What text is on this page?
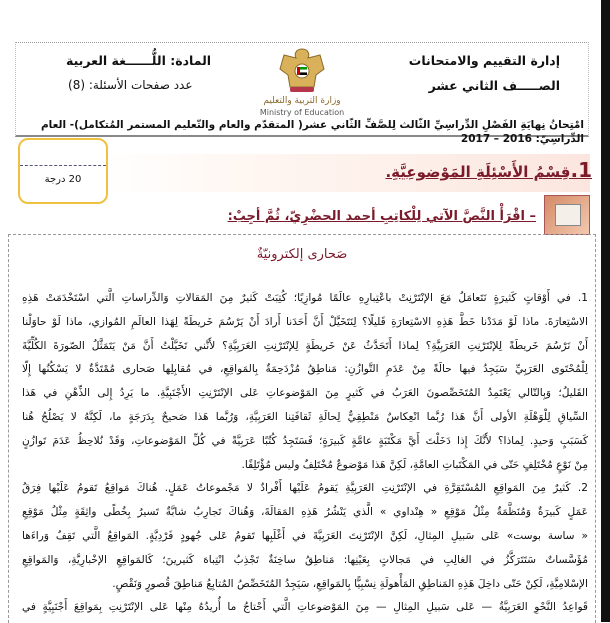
إدارة التقييم والامتحانات
الصـــــف الثاني عشر
المادة: اللُّــــــغة العربية
عدد صفحات الأسئلة: (8)
وزارة التربية والتعليم
Ministry of Education
امْتِحانُ نِهايَةِ الفَصْلِ الدِّراسِيِّ الثّالث لِلصَّفِّ الثّاني عشر( المتقدّم والعام والتّعليم المستمر المُتكامل)- العام الدِّراسِيّ: 2016 – 2017
20 درجة	1.قِسْمُ الأَسْئِلَةِ المَوْضوعِيَّةِ.
– اقْرَأْ النَّصَّ الآتي لِلْكاتِبِ أحمد الحضْرِيّ، ثُمَّ أجِبْ:
صَحارى إلكترونيّةٌ
1. في أَوْقاتٍ كَثيرَةٍ نَتَعامَلُ مَعَ الإنْتَرْنِتْ باعْتِبارِهِ عالَمًا مُوازِيًا؛ كُتِبَتْ كَثيرٌ مِنَ المَقالاتِ وَالدِّراساتِ الَّتي اسْتَخْدَمَتْ هَذِهِ
الاسْتِعارَةَ. ماذا لَوْ مَدَدْنا خَطَّ هَذِهِ الاسْتِعارَةِ قَليلًا؟ لِنَتَخَيَّلْ أَنَّ أَحَدَنا أَرادَ أَنْ يَرْسُمَ خَريطَةً لِهَذا العالَمِ المُوازي، ماذا لَوْ حاوَلْنا
أَنْ نَرْسُمَ خَريطَةً لِلإنْتَرْنِتِ العَرَبِيَّةِ؟ لِماذا أَتَحَدَّثُ عَنْ خَريطَةٍ لِلإنْتَرْنِتِ العَرَبِيَّةِ؟ لأَنَّني تَخَيَّلْتُ أَنَّ مَنْ يَتَمَثَّلُ الصّورَةَ الكُلِّيَّةَ
لِلْمُحْتَوى العَرَبِيِّ سَيَجِدُ فيها حالَةً مِنْ عَدَمِ التَّوازُنِ: مَناطِقُ مُزْدَحِمَةٌ بِالمَواقِعِ، في مُقابِلِها صَحارى مُمْتَدَّةٌ لا يَسْكُنُها إِلّا
القَليلُ؛ وَبِالتّالي يَعْتَمِدُ المُتَخَصِّصونَ العَرَبُ في كَثيرٍ مِنَ المَوْضوعاتِ عَلى الإنْتَرْنِتِ الأَجْنَبِيَّةِ. ما يَرِدُ إِلى الذِّهْنِ في هَذا
السِّياقِ لِلْوَهْلَةِ الأولى أَنَّ هَذا رُبَّما انْعِكاسٌ مَنْطِقِيٌّ لِحالَةِ ثَقافَتِنا العَرَبِيَّةِ، وَرُبَّما هَذا صَحيحٌ بِدَرَجَةٍ ما، لَكِنَّهُ لا يَصْلُحُ هُنا
كَسَبَبٍ وَحيدٍ. لِماذا؟ لأَنَّكَ إِذا دَخَلْتَ أَيَّ مَكْتَبَةٍ عامَّةٍ كَبيرَةٍ؛ فَسَتَجِدُ كُتُبًا عَرَبِيَّةً في كُلِّ المَوْضوعاتِ، وَقَدْ نُلاحِظُ عَدَمَ تَوازُنٍ
مِنْ نَوْعٍ مُخْتَلِفٍ حَتّى في المَكْتَباتِ العامَّةِ، لَكِنَّ هَذا مَوْضوعٌ مُخْتَلِفٌ وليس مُؤْتَلِفًا.
2. كَثيرٌ مِنَ المَواقِعِ المُسْتَقِرَّةِ في الإنْتَرْنِتِ العَرَبِيَّةِ يَقومُ عَلَيْها أَفْرادٌ لا مَجْموعاتُ عَمَلٍ. هُناكَ مَواقِعُ تَقومُ عَلَيْها فِرَقُ
عَمَلٍ كَبيرَةٌ وَمُنَظَّمَةٌ مِثْلُ مَوْقِعِ « هِنْداوي » الَّذي يَنْشُرُ هَذِهِ المَقالَةَ، وَهُناكَ تَجارِبُ شابَّةٌ تَسيرُ بِخُطًى واثِقَةٍ مِثْلُ مَوْقِعِ
« ساسة بوست» عَلى سَبيلِ المِثالِ، لَكِنَّ الإنْتَرْنِتَ العَرَبِيَّةَ في أَغْلَبِها تَقومُ عَلى جُهودٍ فَرْدِيَّةٍ. المَواقِعُ الَّتي تَقِفُ وَراءَها
مُؤَسَّساتٌ سَتَتَرَكَّزُ في الغالِبِ في مَجالاتٍ بِعَيْنِها: مَناطِقُ ساخِنَةٌ تَجْذِبُ انْتِباهَ كَثيرينَ؛ كَالمَواقِعِ الإخْبارِيَّةِ، وَالمَواقِعِ
الإسْلامِيَّةِ، لَكِنْ حَتّى داخِلَ هَذِهِ المَناطِقِ المَأْهولَةِ نِسْبِيًّا بِالمَواقِعِ، سَيَجِدُ المُتَخَصِّصُ المُتابِعُ مَناطِقَ قُصورٍ وَنَقْصٍ.
قَواعِدُ النَّحْوِ العَرَبِيَّةُ — عَلى سَبيلِ المِثالِ — مِنَ المَوْضوعاتِ الَّتي أَحْتاجُ ما أُريدُهُ مِنْها عَلى الإنْتَرْنِتِ بِمَواقِعَ أَجْنَبِيَّةٍ في
